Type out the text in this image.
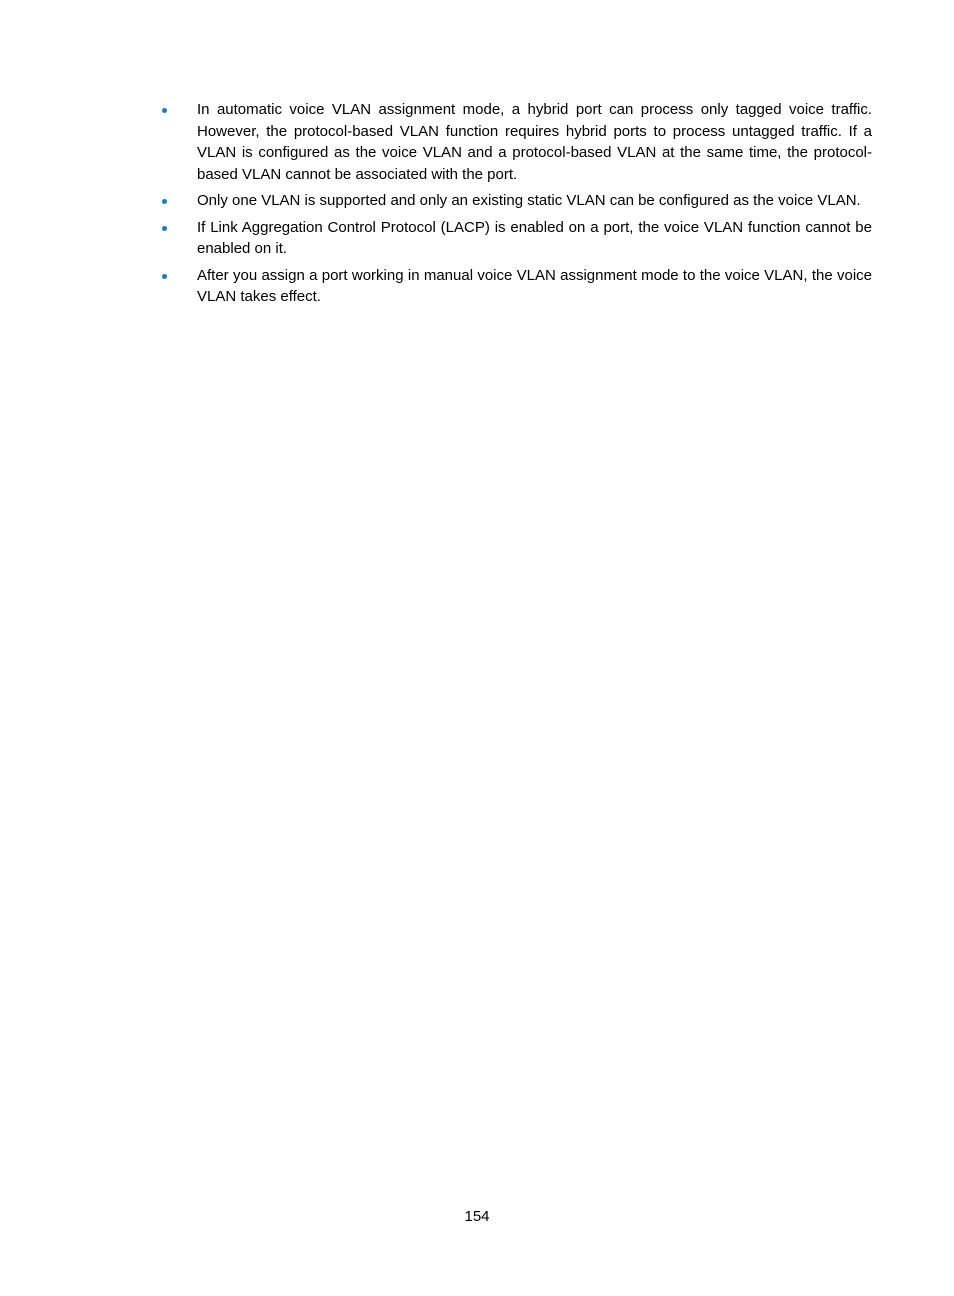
In automatic voice VLAN assignment mode, a hybrid port can process only tagged voice traffic. However, the protocol-based VLAN function requires hybrid ports to process untagged traffic. If a VLAN is configured as the voice VLAN and a protocol-based VLAN at the same time, the protocol-based VLAN cannot be associated with the port.
Only one VLAN is supported and only an existing static VLAN can be configured as the voice VLAN.
If Link Aggregation Control Protocol (LACP) is enabled on a port, the voice VLAN function cannot be enabled on it.
After you assign a port working in manual voice VLAN assignment mode to the voice VLAN, the voice VLAN takes effect.
154
